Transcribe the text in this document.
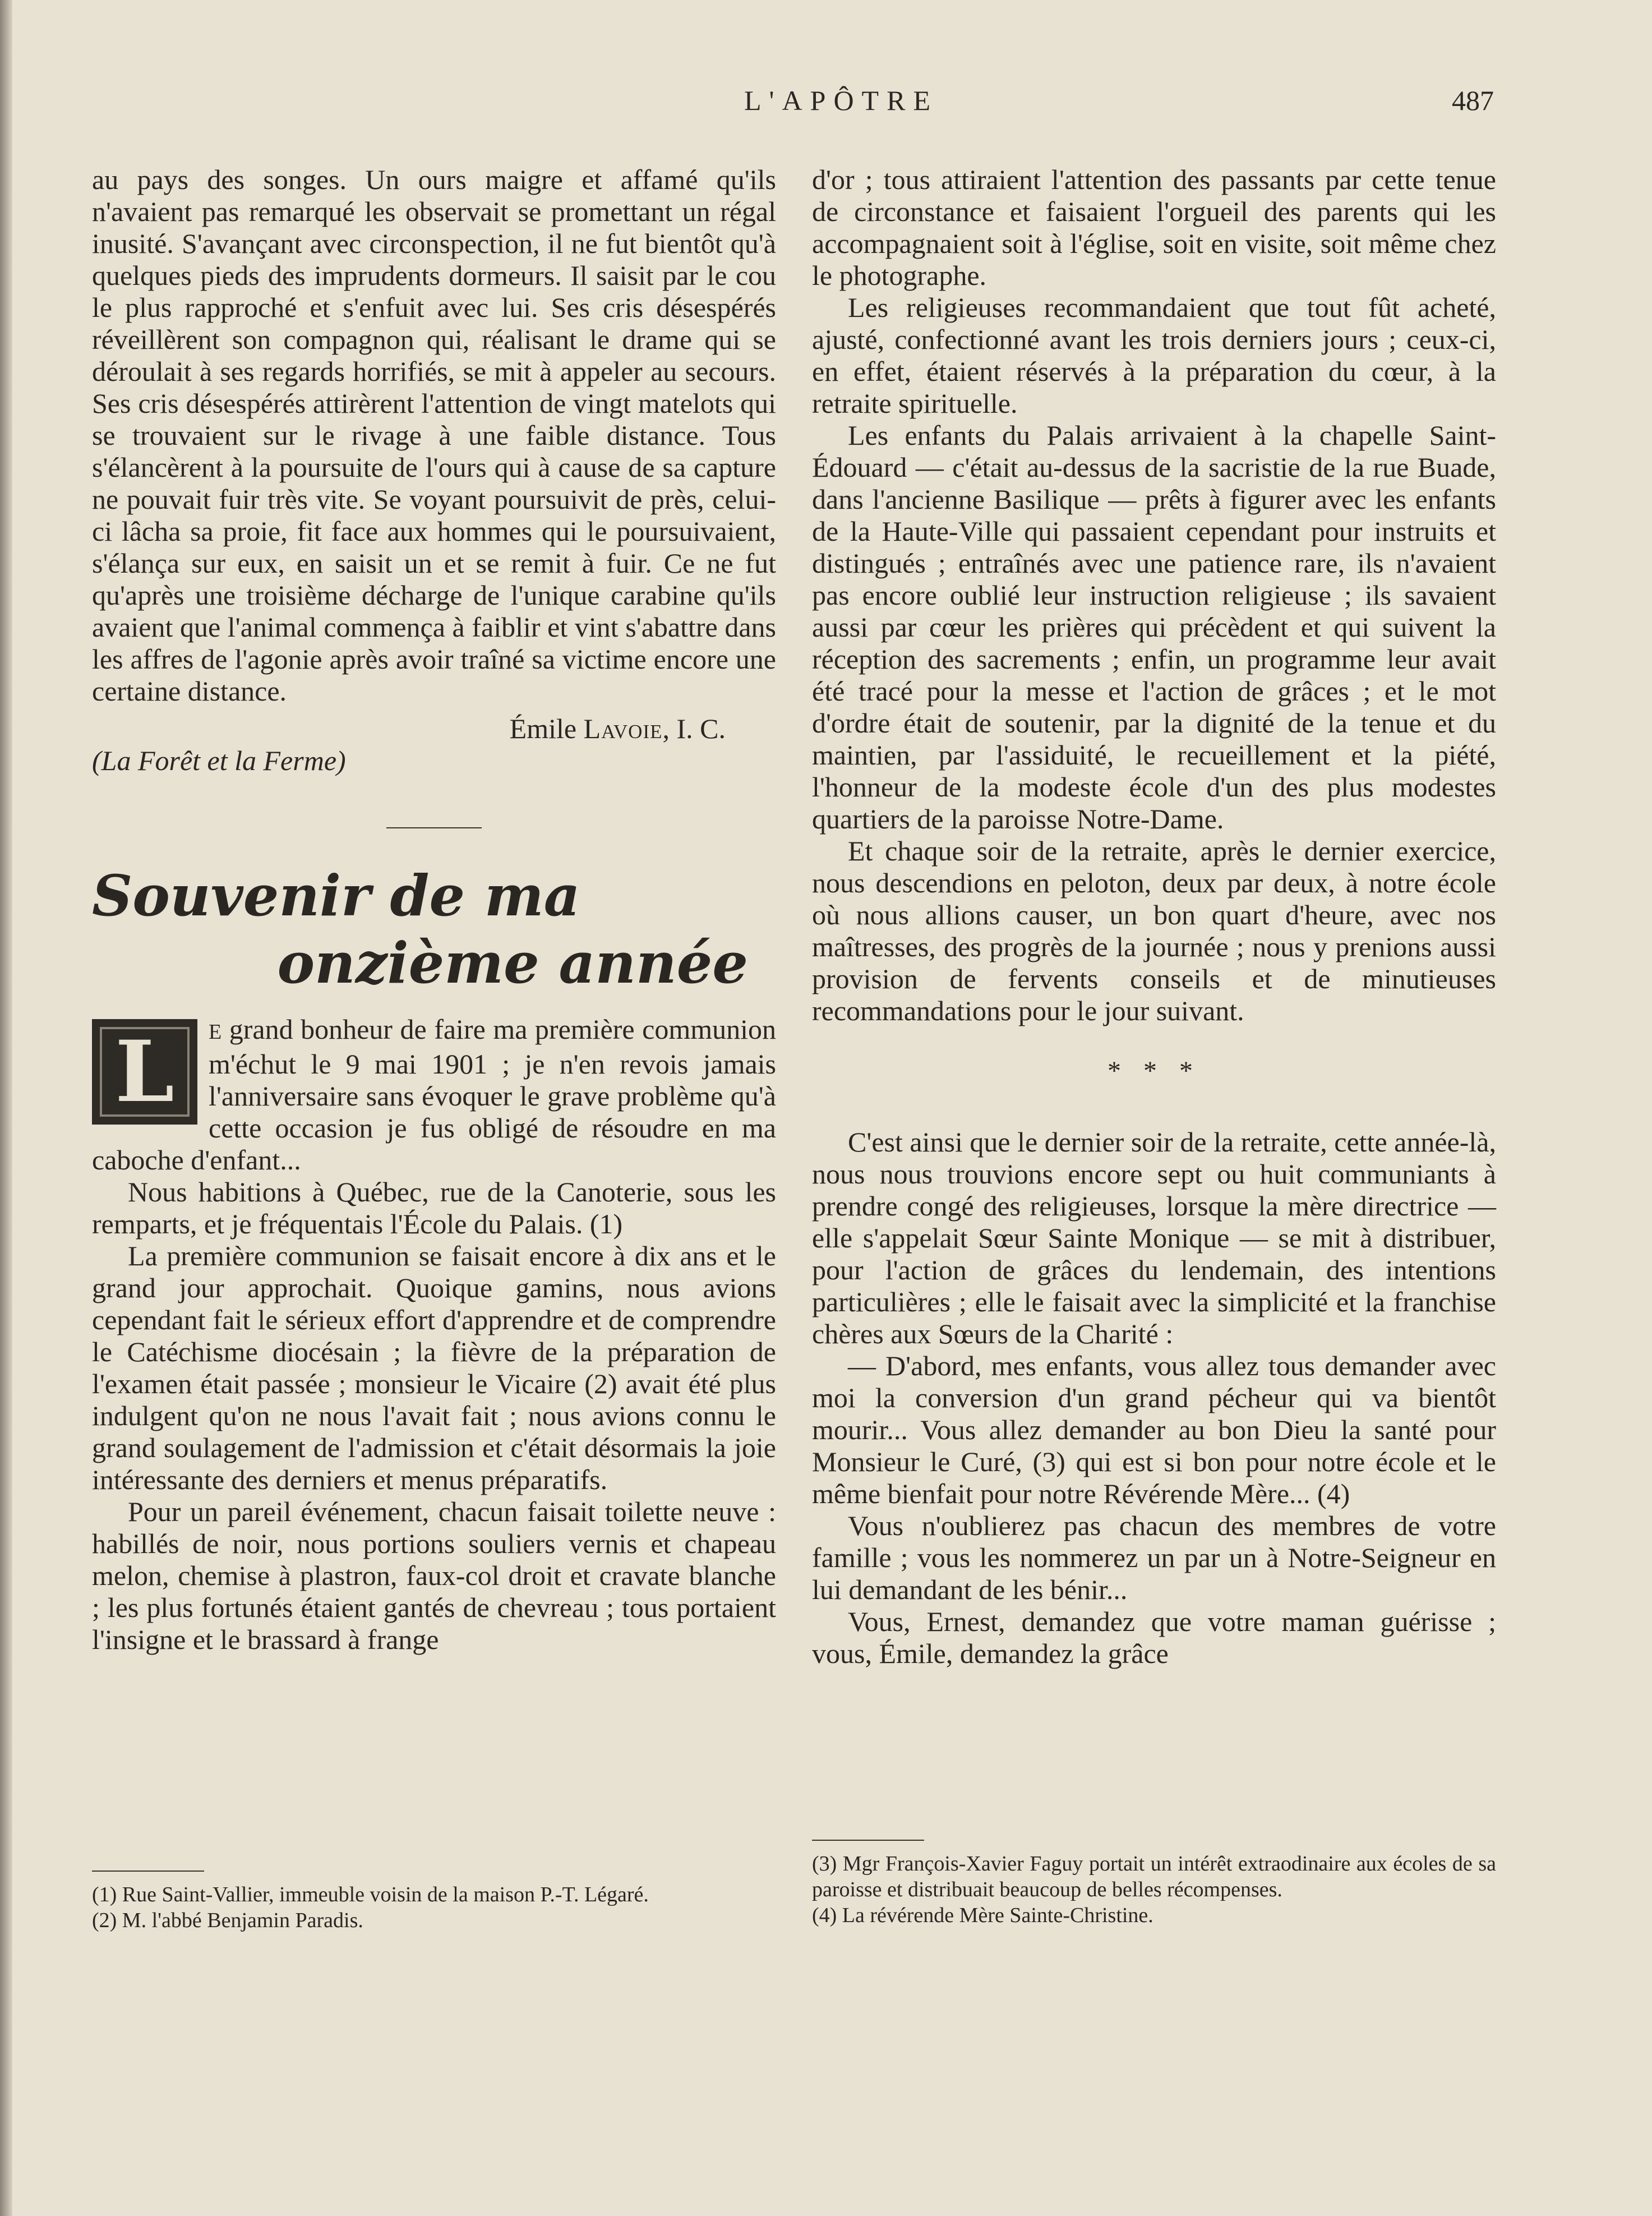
L'APÔTRE	487

au pays des songes. Un ours maigre et affamé qu'ils n'avaient pas remarqué les observait se promettant un régal inusité. S'avançant avec circonspection, il ne fut bientôt qu'à quelques pieds des imprudents dormeurs. Il saisit par le cou le plus rapproché et s'enfuit avec lui. Ses cris désespérés réveillèrent son compagnon qui, réalisant le drame qui se déroulait à ses regards horrifiés, se mit à appeler au secours. Ses cris désespérés attirèrent l'attention de vingt matelots qui se trouvaient sur le rivage à une faible distance. Tous s'élancèrent à la poursuite de l'ours qui à cause de sa capture ne pouvait fuir très vite. Se voyant poursuivit de près, celui-ci lâcha sa proie, fit face aux hommes qui le poursuivaient, s'élança sur eux, en saisit un et se remit à fuir. Ce ne fut qu'après une troisième décharge de l'unique carabine qu'ils avaient que l'animal commença à faiblir et vint s'abattre dans les affres de l'agonie après avoir traîné sa victime encore une certaine distance.

Émile Lavoie, I. C.
(La Forêt et la Ferme)
Souvenir de ma
onzième année
L	E grand bonheur de faire ma première communion m'échut le 9 mai 1901 ; je n'en revois jamais l'anniversaire sans évoquer le grave problème qu'à cette occasion je fus obligé de résoudre en ma caboche d'enfant...

Nous habitions à Québec, rue de la Canoterie, sous les remparts, et je fréquentais l'École du Palais. (1)

La première communion se faisait encore à dix ans et le grand jour approchait. Quoique gamins, nous avions cependant fait le sérieux effort d'apprendre et de comprendre le Catéchisme diocésain ; la fièvre de la préparation de l'examen était passée ; monsieur le Vicaire (2) avait été plus indulgent qu'on ne nous l'avait fait ; nous avions connu le grand soulagement de l'admission et c'était désormais la joie intéressante des derniers et menus préparatifs.

Pour un pareil événement, chacun faisait toilette neuve : habillés de noir, nous portions souliers vernis et chapeau melon, chemise à plastron, faux-col droit et cravate blanche ; les plus fortunés étaient gantés de chevreau ; tous portaient l'insigne et le brassard à frange

(1) Rue Saint-Vallier, immeuble voisin de la maison P.-T. Légaré.

(2) M. l'abbé Benjamin Paradis.

d'or ; tous attiraient l'attention des passants par cette tenue de circonstance et faisaient l'orgueil des parents qui les accompagnaient soit à l'église, soit en visite, soit même chez le photographe.

Les religieuses recommandaient que tout fût acheté, ajusté, confectionné avant les trois derniers jours ; ceux-ci, en effet, étaient réservés à la préparation du cœur, à la retraite spirituelle.

Les enfants du Palais arrivaient à la chapelle Saint-Édouard — c'était au-dessus de la sacristie de la rue Buade, dans l'ancienne Basilique — prêts à figurer avec les enfants de la Haute-Ville qui passaient cependant pour instruits et distingués ; entraînés avec une patience rare, ils n'avaient pas encore oublié leur instruction religieuse ; ils savaient aussi par cœur les prières qui précèdent et qui suivent la réception des sacrements ; enfin, un programme leur avait été tracé pour la messe et l'action de grâces ; et le mot d'ordre était de soutenir, par la dignité de la tenue et du maintien, par l'assiduité, le recueillement et la piété, l'honneur de la modeste école d'un des plus modestes quartiers de la paroisse Notre-Dame.

Et chaque soir de la retraite, après le dernier exercice, nous descendions en peloton, deux par deux, à notre école où nous allions causer, un bon quart d'heure, avec nos maîtresses, des progrès de la journée ; nous y prenions aussi provision de fervents conseils et de minutieuses recommandations pour le jour suivant.

* * *

C'est ainsi que le dernier soir de la retraite, cette année-là, nous nous trouvions encore sept ou huit communiants à prendre congé des religieuses, lorsque la mère directrice — elle s'appelait Sœur Sainte Monique — se mit à distribuer, pour l'action de grâces du lendemain, des intentions particulières ; elle le faisait avec la simplicité et la franchise chères aux Sœurs de la Charité :

— D'abord, mes enfants, vous allez tous demander avec moi la conversion d'un grand pécheur qui va bientôt mourir... Vous allez demander au bon Dieu la santé pour Monsieur le Curé, (3) qui est si bon pour notre école et le même bienfait pour notre Révérende Mère... (4)

Vous n'oublierez pas chacun des membres de votre famille ; vous les nommerez un par un à Notre-Seigneur en lui demandant de les bénir...

Vous, Ernest, demandez que votre maman guérisse ; vous, Émile, demandez la grâce

(3) Mgr François-Xavier Faguy portait un intérêt extraodinaire aux écoles de sa paroisse et distribuait beaucoup de belles récompenses.

(4) La révérende Mère Sainte-Christine.
